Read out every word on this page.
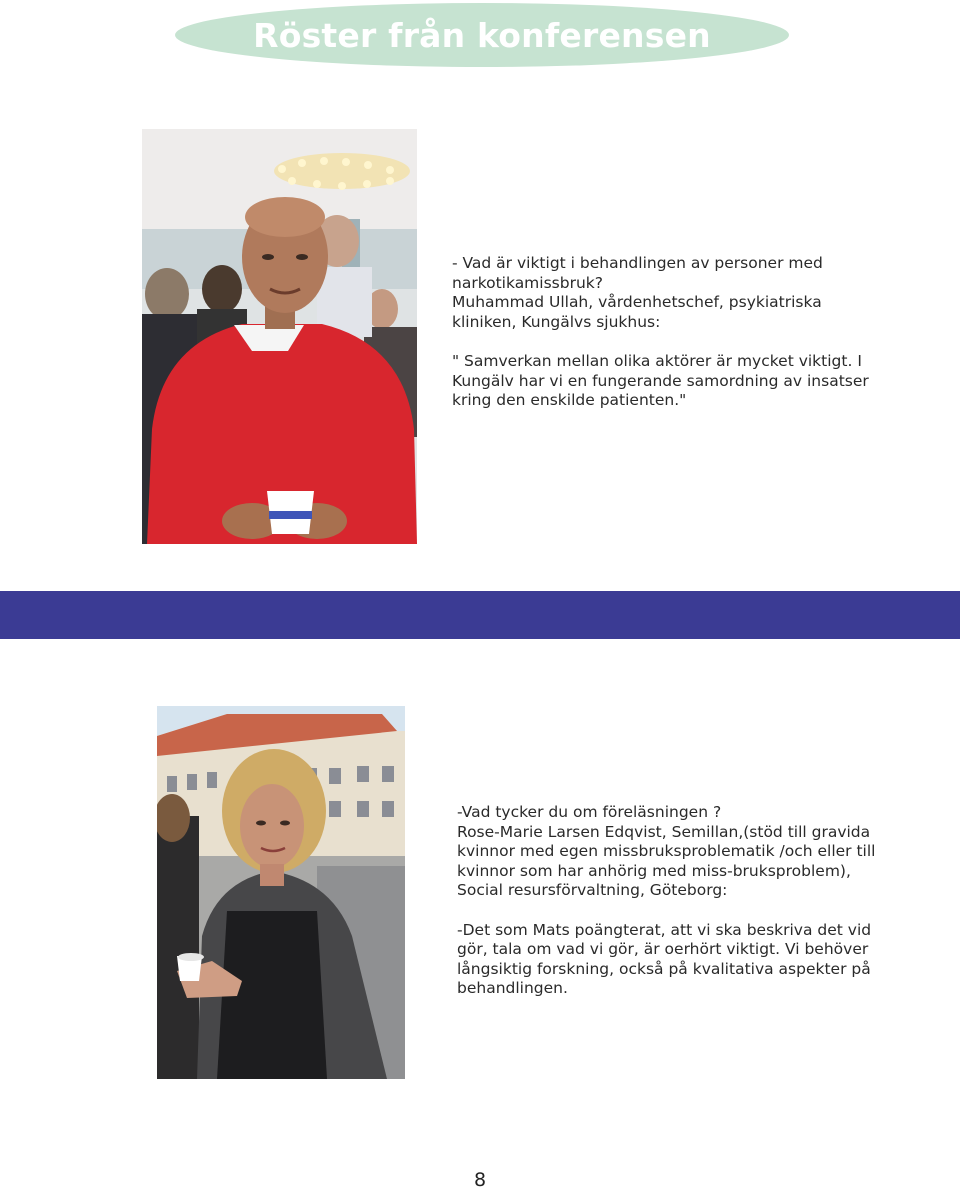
Röster från konferensen

- Vad är viktigt i behandlingen av personer med narkotikamissbruk?

Muhammad Ullah, vårdenhetschef, psykiatriska kliniken, Kungälvs sjukhus:

" Samverkan mellan olika aktörer är mycket viktigt. I Kungälv har vi en fungerande samordning av insatser kring den enskilde patienten."

-Vad tycker du om föreläsningen ?

Rose-Marie Larsen Edqvist, Semillan,(stöd till gravida kvinnor med egen missbruksproblematik /och eller till kvinnor som har anhörig med miss-bruksproblem), Social resursförvaltning, Göteborg:

-Det som Mats poängterat, att vi ska beskriva det vid gör, tala om vad vi gör, är oerhört viktigt. Vi behöver långsiktig forskning, också på kvalitativa aspekter på behandlingen.

8
